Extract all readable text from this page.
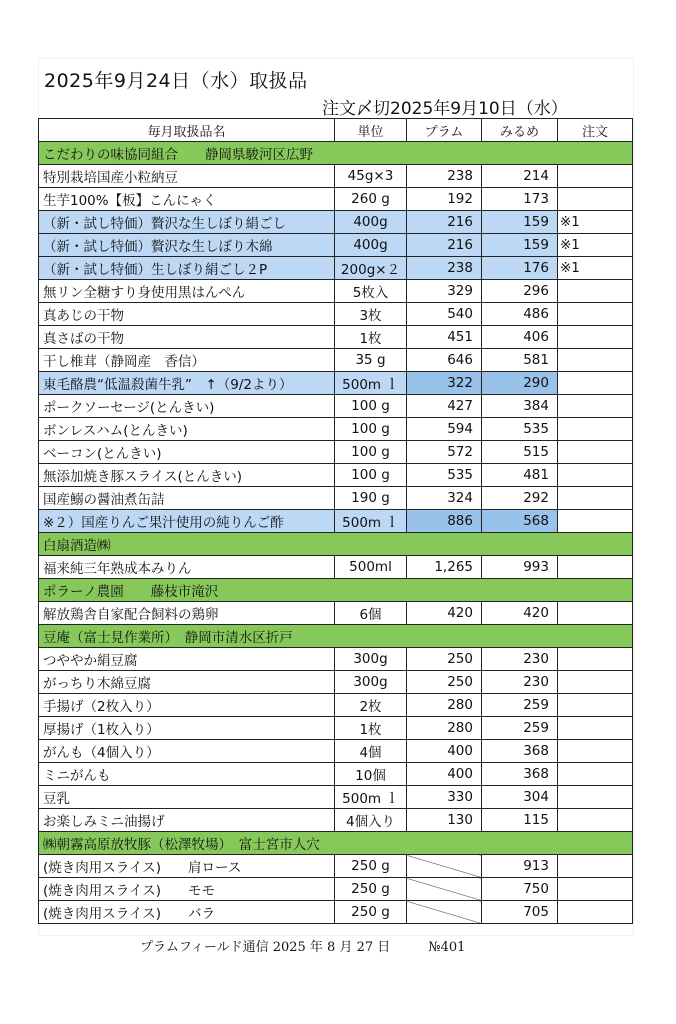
2025年9月24日（水）取扱品
注文〆切2025年9月10日（水）
毎月取扱品名	単位	プラム	みるめ	注文
こだわりの味協同組合　　静岡県駿河区広野				
特別栽培国産小粒納豆	45g×3	238	214	
生芋100%【板】こんにゃく	260 g	192	173	
（新・試し特価）贅沢な生しぼり絹ごし	400g	216	159	※1
（新・試し特価）贅沢な生しぼり木綿	400g	216	159	※1
（新・試し特価）生しぼり絹ごし２P	200g×２	238	176	※1
無リン全糖すり身使用黒はんぺん	5枚入	329	296	
真あじの干物	3枚	540	486	
真さばの干物	1枚	451	406	
干し椎茸（静岡産　香信）	35 g	646	581	
東毛酪農“低温殺菌牛乳”　↑（9/2より）	500m ｌ	322	290	
ポークソーセージ(とんきい)	100 g	427	384	
ボンレスハム(とんきい)	100 g	594	535	
ベーコン(とんきい)	100 g	572	515	
無添加焼き豚スライス(とんきい)	100 g	535	481	
国産鰯の醤油煮缶詰	190 g	324	292	
※２）国産りんご果汁使用の純りんご酢	500m ｌ	886	568	
白扇酒造㈱				
福来純三年熟成本みりん	500ml	1,265	993	
ポラーノ農園　　藤枝市滝沢				
解放鶏舎自家配合飼料の鶏卵	6個	420	420	
豆庵（富士見作業所）　静岡市清水区折戸				
つややか絹豆腐	300g	250	230	
がっちり木綿豆腐	300g	250	230	
手揚げ（2枚入り）	2枚	280	259	
厚揚げ（1枚入り）	1枚	280	259	
がんも（4個入り）	4個	400	368	
ミニがんも	10個	400	368	
豆乳	500m ｌ	330	304	
お楽しみミニ油揚げ	4個入り	130	115	
㈱朝霧高原放牧豚（松澤牧場）　富士宮市人穴				
(焼き肉用スライス)　　肩ロース	250 g		913	
(焼き肉用スライス)　　モモ	250 g		750	
(焼き肉用スライス)　　バラ	250 g		705	
プラムフィールド通信 2025 年 8 月 27 日	№401
